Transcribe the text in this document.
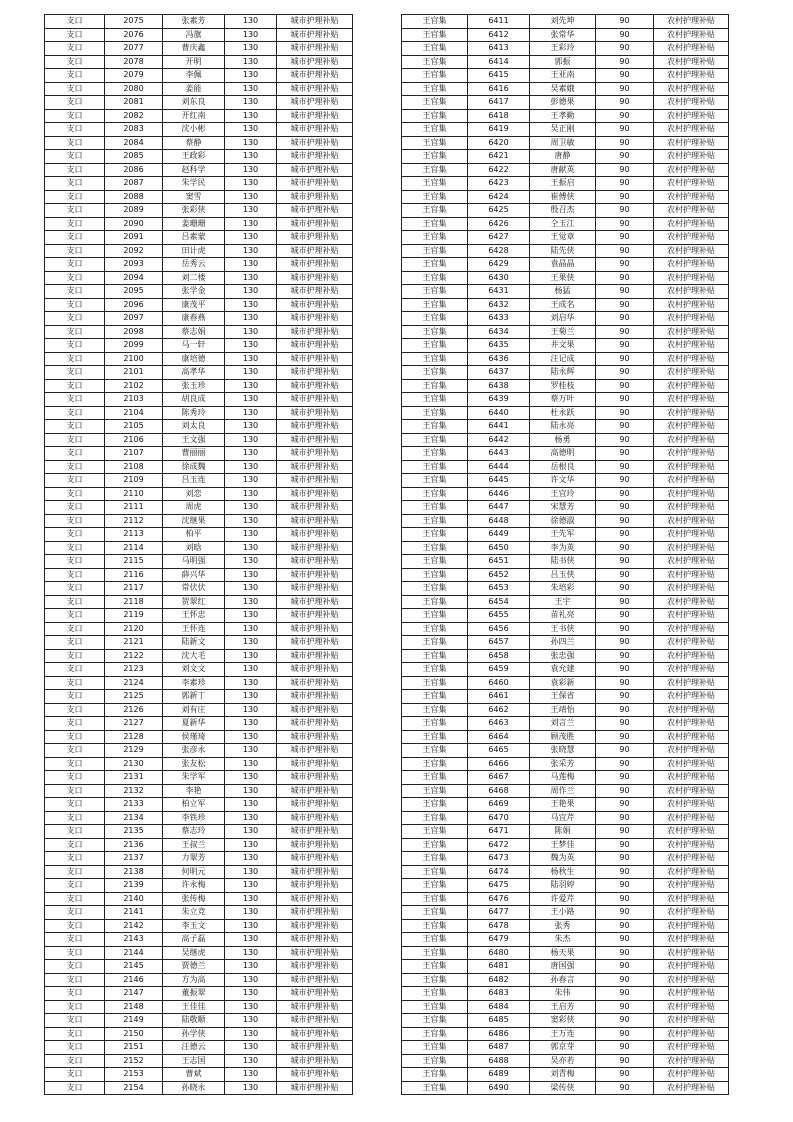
支口	2075	张素芳	130	城市护理补贴
支口	2076	冯旗	130	城市护理补贴
支口	2077	曹庆鑫	130	城市护理补贴
支口	2078	开明	130	城市护理补贴
支口	2079	李佩	130	城市护理补贴
支口	2080	姜能	130	城市护理补贴
支口	2081	刘东良	130	城市护理补贴
支口	2082	开红南	130	城市护理补贴
支口	2083	沈小彬	130	城市护理补贴
支口	2084	蔡静	130	城市护理补贴
支口	2085	王政彩	130	城市护理补贴
支口	2086	赵科学	130	城市护理补贴
支口	2087	朱学民	130	城市护理补贴
支口	2088	窦雪	130	城市护理补贴
支口	2089	张彩侠	130	城市护理补贴
支口	2090	姜珊珊	130	城市护理补贴
支口	2091	吕素蒙	130	城市护理补贴
支口	2092	田计虎	130	城市护理补贴
支口	2093	岳秀云	130	城市护理补贴
支口	2094	刘二楼	130	城市护理补贴
支口	2095	张学金	130	城市护理补贴
支口	2096	康茂平	130	城市护理补贴
支口	2097	康春燕	130	城市护理补贴
支口	2098	蔡志娟	130	城市护理补贴
支口	2099	马一轩	130	城市护理补贴
支口	2100	康培德	130	城市护理补贴
支口	2101	高孝华	130	城市护理补贴
支口	2102	张玉珍	130	城市护理补贴
支口	2103	胡良成	130	城市护理补贴
支口	2104	陈秀玲	130	城市护理补贴
支口	2105	刘太良	130	城市护理补贴
支口	2106	王文强	130	城市护理补贴
支口	2107	曹丽丽	130	城市护理补贴
支口	2108	徐成魏	130	城市护理补贴
支口	2109	吕玉连	130	城市护理补贴
支口	2110	刘恋	130	城市护理补贴
支口	2111	周虎	130	城市护理补贴
支口	2112	沈继果	130	城市护理补贴
支口	2113	柏平	130	城市护理补贴
支口	2114	刘晗	130	城市护理补贴
支口	2115	马明强	130	城市护理补贴
支口	2116	薛兴华	130	城市护理补贴
支口	2117	常伏伏	130	城市护理补贴
支口	2118	贺翠红	130	城市护理补贴
支口	2119	王怀忠	130	城市护理补贴
支口	2120	王怀连	130	城市护理补贴
支口	2121	陆新文	130	城市护理补贴
支口	2122	沈大毛	130	城市护理补贴
支口	2123	刘文文	130	城市护理补贴
支口	2124	李素珍	130	城市护理补贴
支口	2125	郭新丁	130	城市护理补贴
支口	2126	刘有庄	130	城市护理补贴
支口	2127	夏新华	130	城市护理补贴
支口	2128	侯瑾琦	130	城市护理补贴
支口	2129	张彦永	130	城市护理补贴
支口	2130	张友松	130	城市护理补贴
支口	2131	朱学军	130	城市护理补贴
支口	2132	李艳	130	城市护理补贴
支口	2133	柏立军	130	城市护理补贴
支口	2134	李铁珍	130	城市护理补贴
支口	2135	蔡志玲	130	城市护理补贴
支口	2136	王叔兰	130	城市护理补贴
支口	2137	力翠芳	130	城市护理补贴
支口	2138	何明元	130	城市护理补贴
支口	2139	许永梅	130	城市护理补贴
支口	2140	张传梅	130	城市护理补贴
支口	2141	朱立竞	130	城市护理补贴
支口	2142	李玉文	130	城市护理补贴
支口	2143	高子磊	130	城市护理补贴
支口	2144	吴继虎	130	城市护理补贴
支口	2145	贾德兰	130	城市护理补贴
支口	2146	方为高	130	城市护理补贴
支口	2147	董振翠	130	城市护理补贴
支口	2148	王佳佳	130	城市护理补贴
支口	2149	陆敬顺	130	城市护理补贴
支口	2150	孙学侠	130	城市护理补贴
支口	2151	汪德云	130	城市护理补贴
支口	2152	王志国	130	城市护理补贴
支口	2153	曹斌	130	城市护理补贴
支口	2154	孙晓永	130	城市护理补贴
王官集	6411	刘先坤	90	农村护理补贴
王官集	6412	张常华	90	农村护理补贴
王官集	6413	王彩玲	90	农村护理补贴
王官集	6414	郭振	90	农村护理补贴
王官集	6415	王亚南	90	农村护理补贴
王官集	6416	吴素娥	90	农村护理补贴
王官集	6417	彭德果	90	农村护理补贴
王官集	6418	王孝勤	90	农村护理补贴
王官集	6419	吴正刚	90	农村护理补贴
王官集	6420	周卫敏	90	农村护理补贴
王官集	6421	唐静	90	农村护理补贴
王官集	6422	唐献英	90	农村护理补贴
王官集	6423	王振启	90	农村护理补贴
王官集	6424	崔傅侠	90	农村护理补贴
王官集	6425	殷召杰	90	农村护理补贴
王官集	6426	仝玉江	90	农村护理补贴
王官集	6427	王觉章	90	农村护理补贴
王官集	6428	陆先侠	90	农村护理补贴
王官集	6429	袁晶晶	90	农村护理补贴
王官集	6430	王果侠	90	农村护理补贴
王官集	6431	杨猛	90	农村护理补贴
王官集	6432	王成名	90	农村护理补贴
王官集	6433	刘启华	90	农村护理补贴
王官集	6434	王菊兰	90	农村护理补贴
王官集	6435	井文果	90	农村护理补贴
王官集	6436	汪记成	90	农村护理补贴
王官集	6437	陆永辉	90	农村护理补贴
王官集	6438	罗桂枝	90	农村护理补贴
王官集	6439	蔡万叶	90	农村护理补贴
王官集	6440	杜永跃	90	农村护理补贴
王官集	6441	陆永亮	90	农村护理补贴
王官集	6442	杨勇	90	农村护理补贴
王官集	6443	高德明	90	农村护理补贴
王官集	6444	岳根良	90	农村护理补贴
王官集	6445	许文华	90	农村护理补贴
王官集	6446	王宜玲	90	农村护理补贴
王官集	6447	宋慧芳	90	农村护理补贴
王官集	6448	徐德淑	90	农村护理补贴
王官集	6449	王先军	90	农村护理补贴
王官集	6450	李为英	90	农村护理补贴
王官集	6451	陆书侠	90	农村护理补贴
王官集	6452	吕玉侠	90	农村护理补贴
王官集	6453	朱培彩	90	农村护理补贴
王官集	6454	王宇	90	农村护理补贴
王官集	6455	苗礼亮	90	农村护理补贴
王官集	6456	王书侠	90	农村护理补贴
王官集	6457	孙四兰	90	农村护理补贴
王官集	6458	张忠强	90	农村护理补贴
王官集	6459	袁允建	90	农村护理补贴
王官集	6460	袁彩新	90	农村护理补贴
王官集	6461	王保省	90	农村护理补贴
王官集	6462	王靖怡	90	农村护理补贴
王官集	6463	刘言兰	90	农村护理补贴
王官集	6464	顾茂胜	90	农村护理补贴
王官集	6465	张晓慧	90	农村护理补贴
王官集	6466	张采芳	90	农村护理补贴
王官集	6467	马莲梅	90	农村护理补贴
王官集	6468	周作兰	90	农村护理补贴
王官集	6469	王艳果	90	农村护理补贴
王官集	6470	马宜芹	90	农村护理补贴
王官集	6471	陈娟	90	农村护理补贴
王官集	6472	王梦佳	90	农村护理补贴
王官集	6473	魏为英	90	农村护理补贴
王官集	6474	杨秋生	90	农村护理补贴
王官集	6475	陆羽婷	90	农村护理补贴
王官集	6476	许爱芹	90	农村护理补贴
王官集	6477	王小路	90	农村护理补贴
王官集	6478	张秀	90	农村护理补贴
王官集	6479	朱杰	90	农村护理补贴
王官集	6480	杨天果	90	农村护理补贴
王官集	6481	唐国强	90	农村护理补贴
王官集	6482	孙春言	90	农村护理补贴
王官集	6483	朱伟	90	农村护理补贴
王官集	6484	王启芳	90	农村护理补贴
王官集	6485	窦彩侠	90	农村护理补贴
王官集	6486	王万连	90	农村护理补贴
王官集	6487	郭京芽	90	农村护理补贴
王官集	6488	吴亦若	90	农村护理补贴
王官集	6489	刘青梅	90	农村护理补贴
王官集	6490	梁传侠	90	农村护理补贴
